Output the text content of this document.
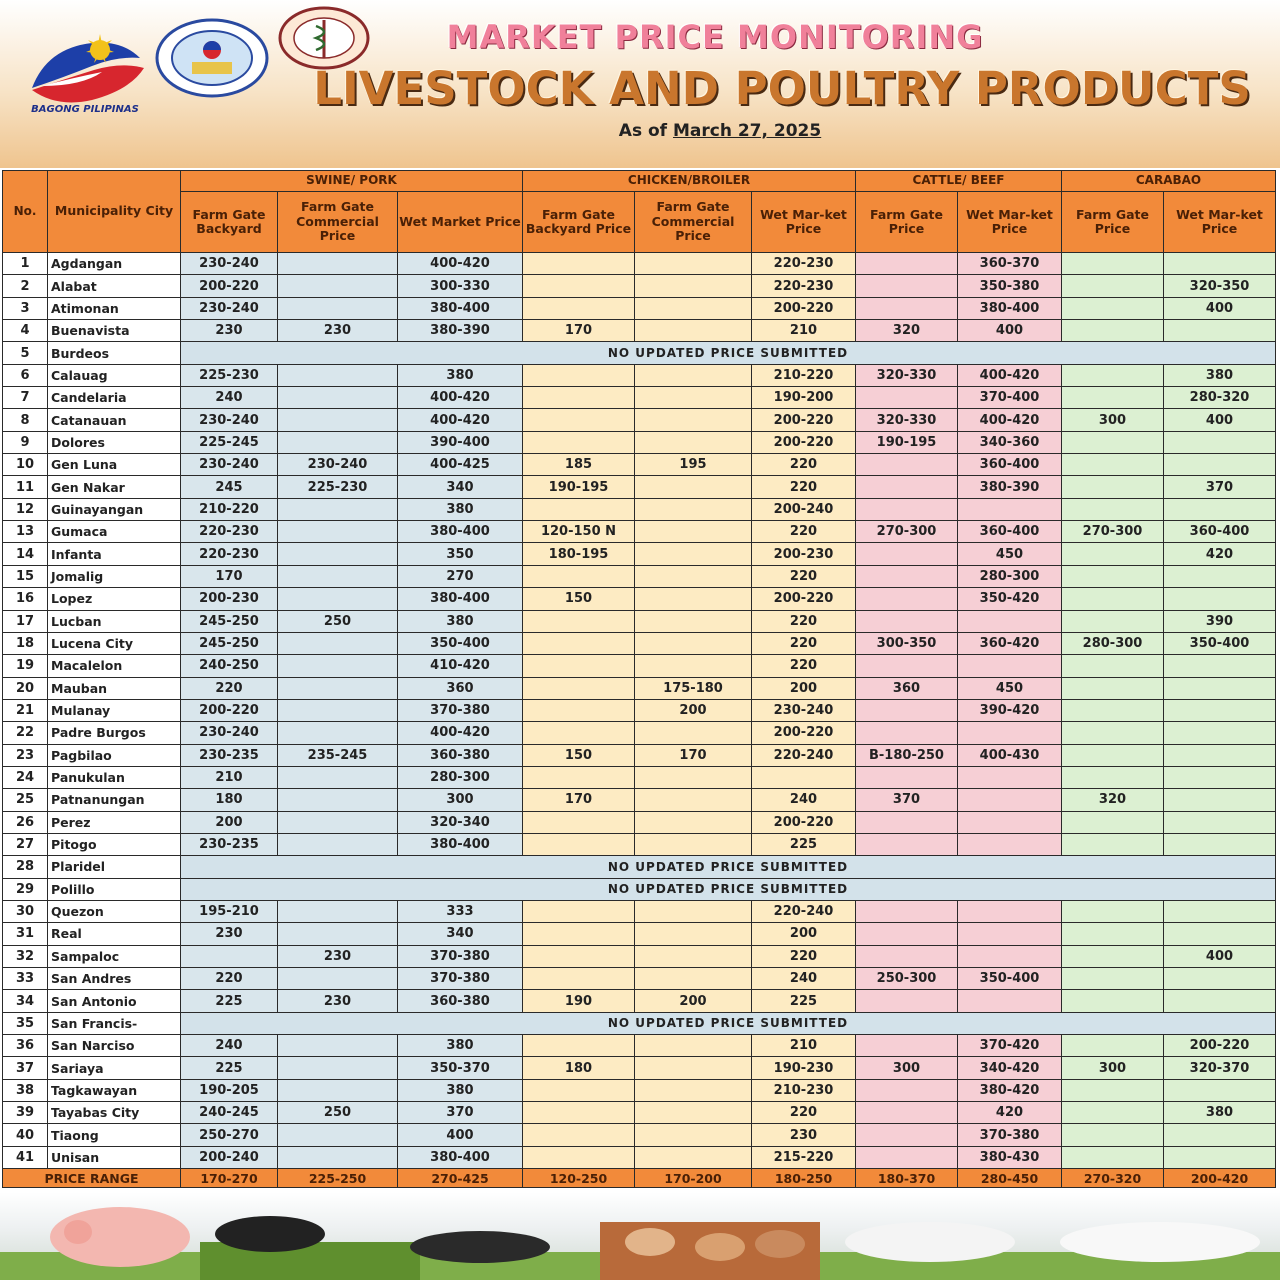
BAGONG PILIPINAS
MARKET PRICE MONITORING
LIVESTOCK AND POULTRY PRODUCTS
As of March 27, 2025
No.	Municipality City	SWINE/ PORK			CHICKEN/BROILER			CATTLE/ BEEF		CARABAO	
		Farm Gate Backyard	Farm Gate Commercial Price	Wet Market Price	Farm Gate Backyard Price	Farm Gate Commercial Price	Wet Mar-ket Price	Farm Gate Price	Wet Mar-ket Price	Farm Gate Price	Wet Mar-ket Price
1	Agdangan	230-240		400-420			220-230		360-370		
2	Alabat	200-220		300-330			220-230		350-380		320-350
3	Atimonan	230-240		380-400			200-220		380-400		400
4	Buenavista	230	230	380-390	170		210	320	400		
5	Burdeos	NO UPDATED PRICE SUBMITTED									
6	Calauag	225-230		380			210-220	320-330	400-420		380
7	Candelaria	240		400-420			190-200		370-400		280-320
8	Catanauan	230-240		400-420			200-220	320-330	400-420	300	400
9	Dolores	225-245		390-400			200-220	190-195	340-360		
10	Gen Luna	230-240	230-240	400-425	185	195	220		360-400		
11	Gen Nakar	245	225-230	340	190-195		220		380-390		370
12	Guinayangan	210-220		380			200-240				
13	Gumaca	220-230		380-400	120-150 N		220	270-300	360-400	270-300	360-400
14	Infanta	220-230		350	180-195		200-230		450		420
15	Jomalig	170		270			220		280-300		
16	Lopez	200-230		380-400	150		200-220		350-420		
17	Lucban	245-250	250	380			220				390
18	Lucena City	245-250		350-400			220	300-350	360-420	280-300	350-400
19	Macalelon	240-250		410-420			220				
20	Mauban	220		360		175-180	200	360	450		
21	Mulanay	200-220		370-380		200	230-240		390-420		
22	Padre Burgos	230-240		400-420			200-220				
23	Pagbilao	230-235	235-245	360-380	150	170	220-240	B-180-250	400-430		
24	Panukulan	210		280-300							
25	Patnanungan	180		300	170		240	370		320	
26	Perez	200		320-340			200-220				
27	Pitogo	230-235		380-400			225				
28	Plaridel	NO UPDATED PRICE SUBMITTED									
29	Polillo	NO UPDATED PRICE SUBMITTED									
30	Quezon	195-210		333			220-240				
31	Real	230		340			200				
32	Sampaloc		230	370-380			220				400
33	San Andres	220		370-380			240	250-300	350-400		
34	San Antonio	225	230	360-380	190	200	225				
35	San Francis-	NO UPDATED PRICE SUBMITTED									
36	San Narciso	240		380			210		370-420		200-220
37	Sariaya	225		350-370	180		190-230	300	340-420	300	320-370
38	Tagkawayan	190-205		380			210-230		380-420		
39	Tayabas City	240-245	250	370			220		420		380
40	Tiaong	250-270		400			230		370-380		
41	Unisan	200-240		380-400			215-220		380-430		
PRICE RANGE		170-270	225-250	270-425	120-250	170-200	180-250	180-370	280-450	270-320	200-420
